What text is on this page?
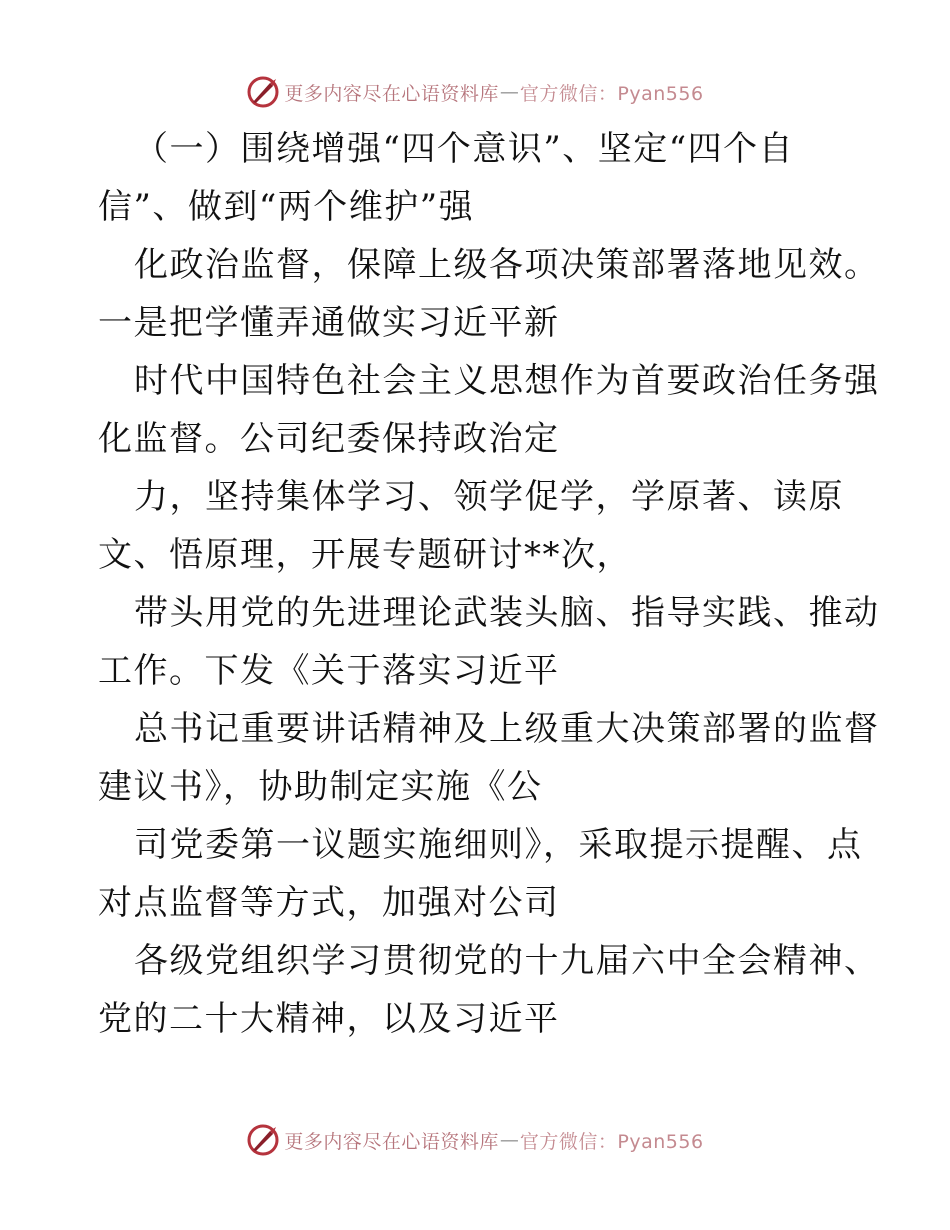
更多内容尽在心语资料库 — 官方微信：Pyan556
（一）围绕增强“四个意识”、坚定“四个自
信”、做到“两个维护”强
化政治监督，保障上级各项决策部署落地见效。
一是把学懂弄通做实习近平新
时代中国特色社会主义思想作为首要政治任务强
化监督。公司纪委保持政治定
力，坚持集体学习、领学促学，学原著、读原
文、悟原理，开展专题研讨**次，
带头用党的先进理论武装头脑、指导实践、推动
工作。下发《关于落实习近平
总书记重要讲话精神及上级重大决策部署的监督
建议书》，协助制定实施《公
司党委第一议题实施细则》，采取提示提醒、点
对点监督等方式，加强对公司
各级党组织学习贯彻党的十九届六中全会精神、
党的二十大精神，以及习近平
更多内容尽在心语资料库 — 官方微信：Pyan556
